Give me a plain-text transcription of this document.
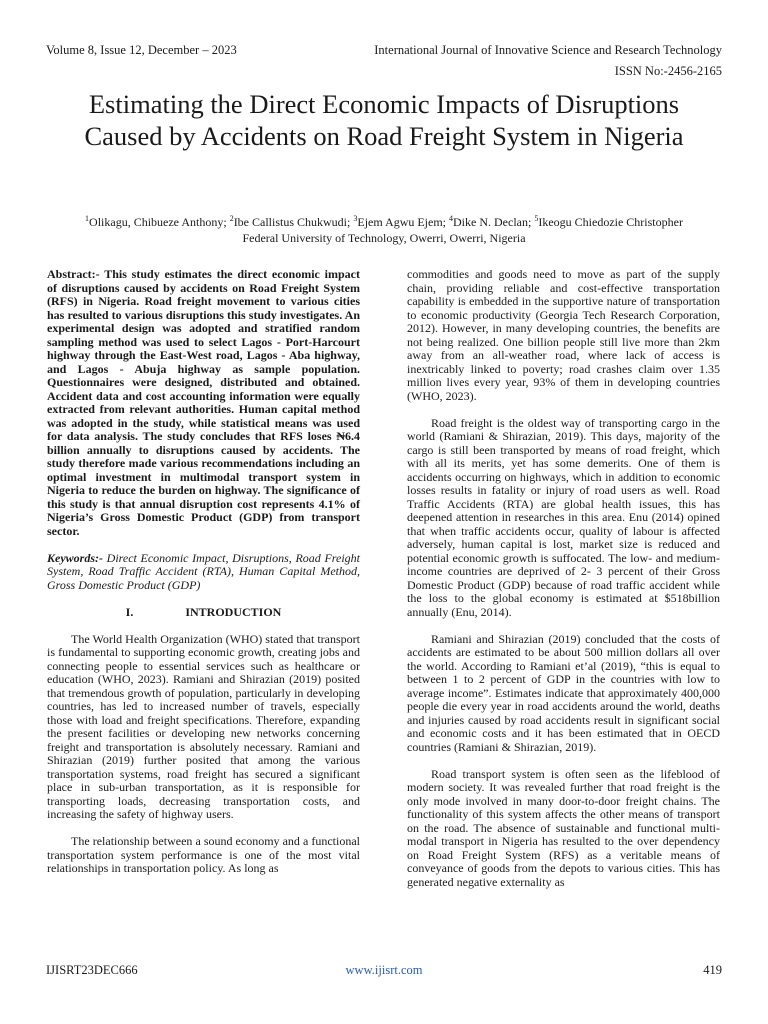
Volume 8, Issue 12, December – 2023	International Journal of Innovative Science and Research Technology
ISSN No:-2456-2165
Estimating the Direct Economic Impacts of Disruptions Caused by Accidents on Road Freight System in Nigeria
$^1$Olikagu, Chibueze Anthony; $^2$Ibe Callistus Chukwudi; $^3$Ejem Agwu Ejem; $^4$Dike N. Declan; $^5$Ikeogu Chiedozie Christopher
Federal University of Technology, Owerri, Owerri, Nigeria

Abstract:- This study estimates the direct economic impact of disruptions caused by accidents on Road Freight System (RFS) in Nigeria. Road freight movement to various cities has resulted to various disruptions this study investigates. An experimental design was adopted and stratified random sampling method was used to select Lagos - Port-Harcourt highway through the East-West road, Lagos - Aba highway, and Lagos - Abuja highway as sample population. Questionnaires were designed, distributed and obtained. Accident data and cost accounting information were equally extracted from relevant authorities. Human capital method was adopted in the study, while statistical means was used for data analysis. The study concludes that RFS loses ₦6.4 billion annually to disruptions caused by accidents. The study therefore made various recommendations including an optimal investment in multimodal transport system in Nigeria to reduce the burden on highway. The significance of this study is that annual disruption cost represents 4.1% of Nigeria’s Gross Domestic Product (GDP) from transport sector.

Keywords:- Direct Economic Impact, Disruptions, Road Freight System, Road Traffic Accident (RTA), Human Capital Method, Gross Domestic Product (GDP)

I.	INTRODUCTION

The World Health Organization (WHO) stated that transport is fundamental to supporting economic growth, creating jobs and connecting people to essential services such as healthcare or education (WHO, 2023). Ramiani and Shirazian (2019) posited that tremendous growth of population, particularly in developing countries, has led to increased number of travels, especially those with load and freight specifications. Therefore, expanding the present facilities or developing new networks concerning freight and transportation is absolutely necessary. Ramiani and Shirazian (2019) further posited that among the various transportation systems, road freight has secured a significant place in sub-urban transportation, as it is responsible for transporting loads, decreasing transportation costs, and increasing the safety of highway users.

The relationship between a sound economy and a functional transportation system performance is one of the most vital relationships in transportation policy. As long as

commodities and goods need to move as part of the supply chain, providing reliable and cost-effective transportation capability is embedded in the supportive nature of transportation to economic productivity (Georgia Tech Research Corporation, 2012). However, in many developing countries, the benefits are not being realized. One billion people still live more than 2km away from an all-weather road, where lack of access is inextricably linked to poverty; road crashes claim over 1.35 million lives every year, 93% of them in developing countries (WHO, 2023).

Road freight is the oldest way of transporting cargo in the world (Ramiani & Shirazian, 2019). This days, majority of the cargo is still been transported by means of road freight, which with all its merits, yet has some demerits. One of them is accidents occurring on highways, which in addition to economic losses results in fatality or injury of road users as well. Road Traffic Accidents (RTA) are global health issues, this has deepened attention in researches in this area. Enu (2014) opined that when traffic accidents occur, quality of labour is affected adversely, human capital is lost, market size is reduced and potential economic growth is suffocated. The low- and medium-income countries are deprived of 2- 3 percent of their Gross Domestic Product (GDP) because of road traffic accident while the loss to the global economy is estimated at $518billion annually (Enu, 2014).

Ramiani and Shirazian (2019) concluded that the costs of accidents are estimated to be about 500 million dollars all over the world. According to Ramiani et’al (2019), “this is equal to between 1 to 2 percent of GDP in the countries with low to average income”. Estimates indicate that approximately 400,000 people die every year in road accidents around the world, deaths and injuries caused by road accidents result in significant social and economic costs and it has been estimated that in OECD countries (Ramiani & Shirazian, 2019).

Road transport system is often seen as the lifeblood of modern society. It was revealed further that road freight is the only mode involved in many door-to-door freight chains. The functionality of this system affects the other means of transport on the road. The absence of sustainable and functional multi-modal transport in Nigeria has resulted to the over dependency on Road Freight System (RFS) as a veritable means of conveyance of goods from the depots to various cities. This has generated negative externality as

IJISRT23DEC666	www.ijisrt.com	419
